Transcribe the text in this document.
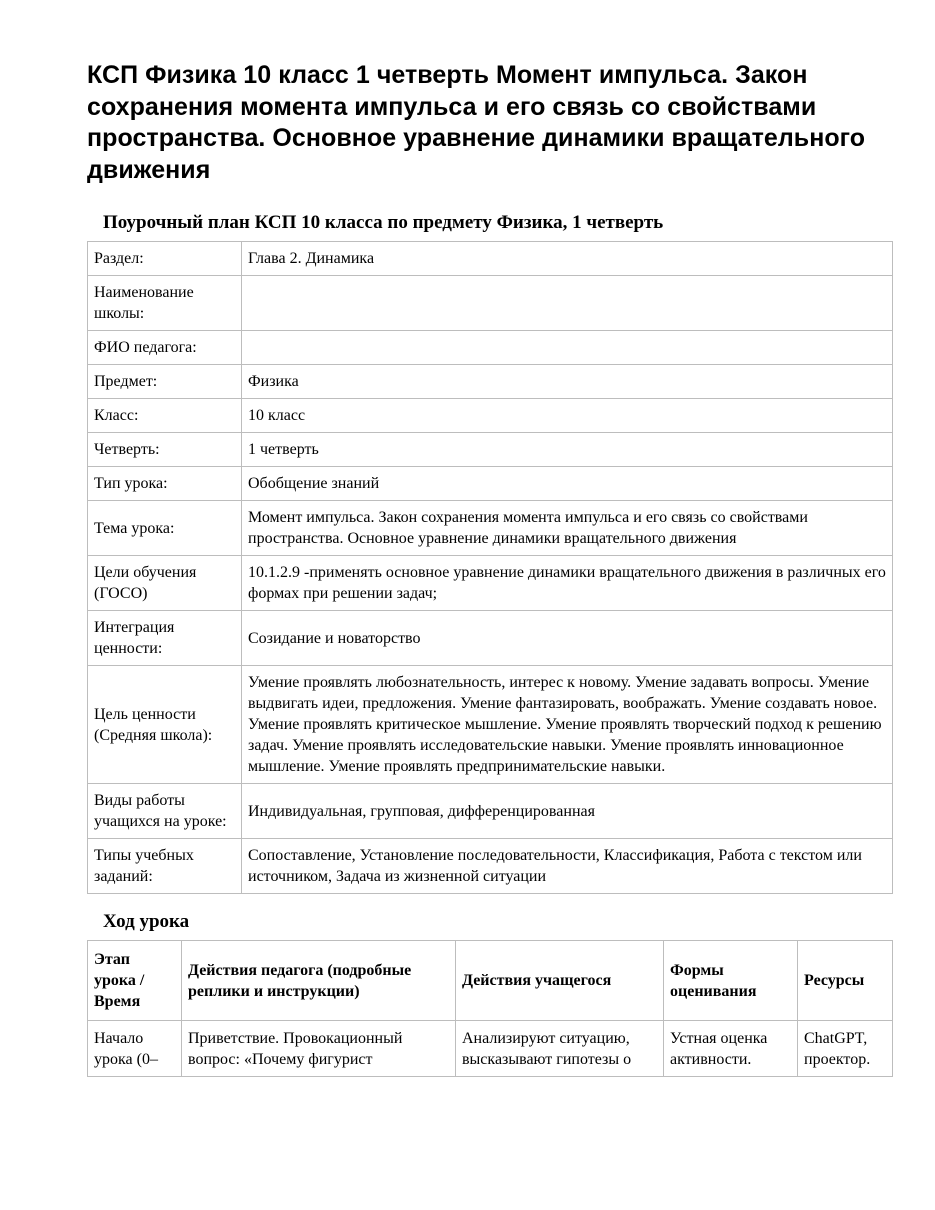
КСП Физика 10 класс 1 четверть Момент импульса. Закон сохранения момента импульса и его связь со свойствами пространства. Основное уравнение динамики вращательного движения
Поурочный план КСП 10 класса по предмету Физика, 1 четверть
Раздел:	Глава 2. Динамика
Наименование школы:	
ФИО педагога:	
Предмет:	Физика
Класс:	10 класс
Четверть:	1 четверть
Тип урока:	Обобщение знаний
Тема урока:	Момент импульса. Закон сохранения момента импульса и его связь со свойствами пространства. Основное уравнение динамики вращательного движения
Цели обучения (ГОСО)	10.1.2.9 -применять основное уравнение динамики вращательного движения в различных его формах при решении задач;
Интеграция ценности:	Созидание и новаторство
Цель ценности (Средняя школа):	Умение проявлять любознательность, интерес к новому. Умение задавать вопросы. Умение выдвигать идеи, предложения. Умение фантазировать, воображать. Умение создавать новое. Умение проявлять критическое мышление. Умение проявлять творческий подход к решению задач. Умение проявлять исследовательские навыки. Умение проявлять инновационное мышление. Умение проявлять предпринимательские навыки.
Виды работы учащихся на уроке:	Индивидуальная, групповая, дифференцированная
Типы учебных заданий:	Сопоставление, Установление последовательности, Классификация, Работа с текстом или источником, Задача из жизненной ситуации
Ход урока
Этап урока / Время	Действия педагога (подробные реплики и инструкции)	Действия учащегося	Формы оценивания	Ресурсы

Начало урока (0–	Приветствие. Провокационный вопрос: «Почему фигурист	Анализируют ситуацию, высказывают гипотезы о	Устная оценка активности.	ChatGPT, проектор.
